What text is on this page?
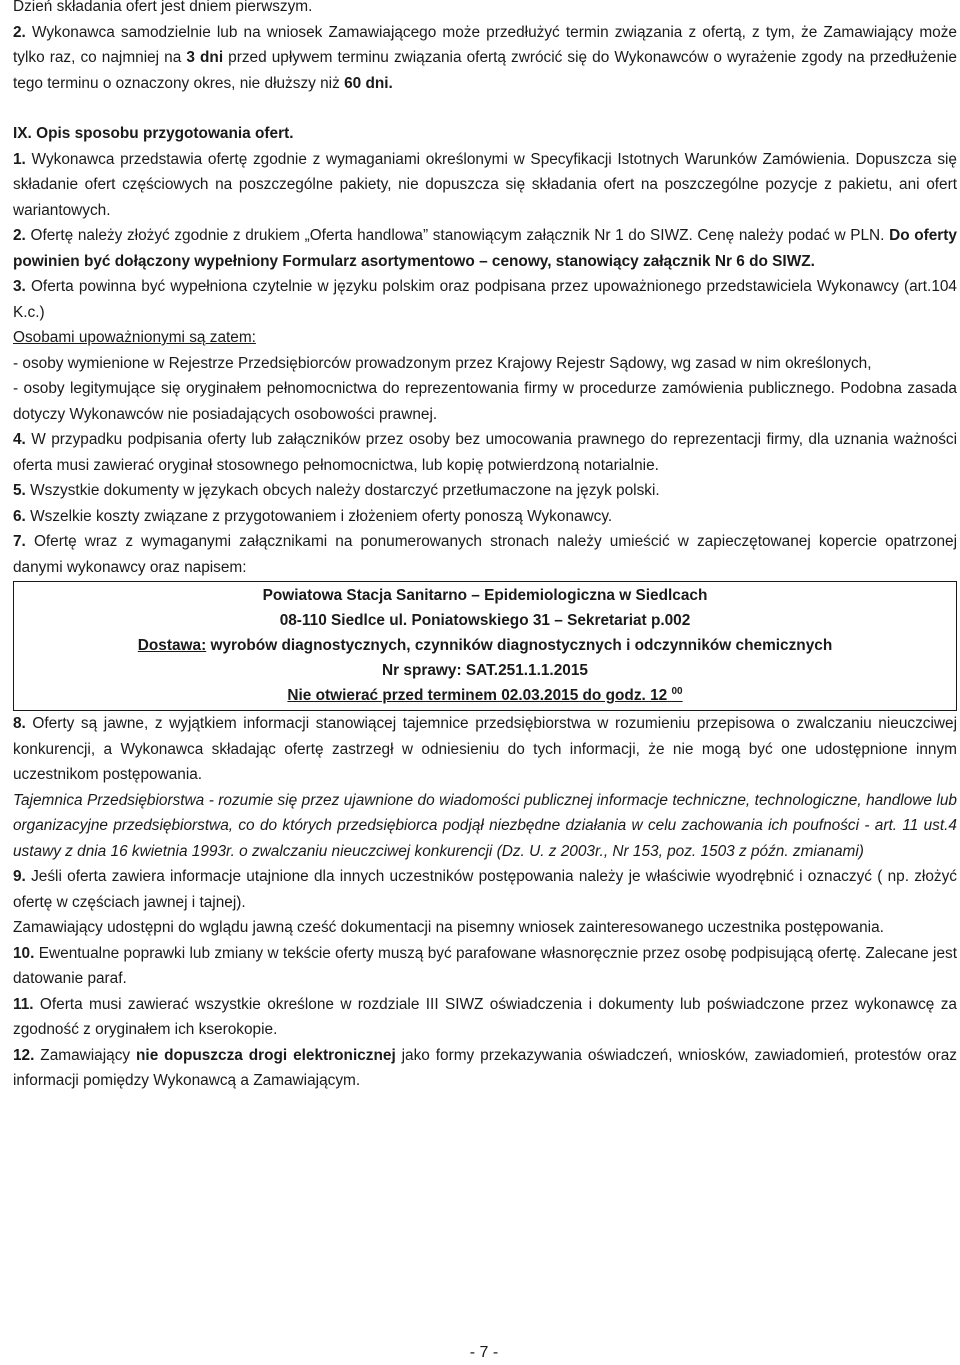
Dzień składania ofert jest dniem pierwszym.

2. Wykonawca samodzielnie lub na wniosek Zamawiającego może przedłużyć termin związania z ofertą, z tym, że Zamawiający może tylko raz, co najmniej na 3 dni przed upływem terminu związania ofertą zwrócić się do Wykonawców o wyrażenie zgody na przedłużenie tego terminu o oznaczony okres, nie dłuższy niż 60 dni.

IX. Opis sposobu przygotowania ofert.

1. Wykonawca przedstawia ofertę zgodnie z wymaganiami określonymi w Specyfikacji Istotnych Warunków Zamówienia. Dopuszcza się składanie ofert częściowych na poszczególne pakiety, nie dopuszcza się składania ofert na poszczególne pozycje z pakietu, ani ofert wariantowych.

2. Ofertę należy złożyć zgodnie z drukiem „Oferta handlowa” stanowiącym załącznik Nr 1 do SIWZ. Cenę należy podać w PLN. Do oferty powinien być dołączony wypełniony Formularz asortymentowo – cenowy, stanowiący załącznik Nr 6 do SIWZ.

3. Oferta powinna być wypełniona czytelnie w języku polskim oraz podpisana przez upoważnionego przedstawiciela Wykonawcy (art.104 K.c.)

Osobami upoważnionymi są zatem:

- osoby wymienione w Rejestrze Przedsiębiorców prowadzonym przez Krajowy Rejestr Sądowy, wg zasad w nim określonych,

- osoby legitymujące się oryginałem pełnomocnictwa do reprezentowania firmy w procedurze zamówienia publicznego. Podobna zasada dotyczy Wykonawców nie posiadających osobowości prawnej.

4. W przypadku podpisania oferty lub załączników przez osoby bez umocowania prawnego do reprezentacji firmy, dla uznania ważności oferta musi zawierać oryginał stosownego pełnomocnictwa, lub kopię potwierdzoną notarialnie.

5. Wszystkie dokumenty w językach obcych należy dostarczyć przetłumaczone na język polski.

6. Wszelkie koszty związane z przygotowaniem i złożeniem oferty ponoszą Wykonawcy.

7. Ofertę wraz z wymaganymi załącznikami na ponumerowanych stronach należy umieścić w zapieczętowanej kopercie opatrzonej danymi wykonawcy oraz napisem:

Powiatowa Stacja Sanitarno – Epidemiologiczna w Siedlcach
08-110 Siedlce ul. Poniatowskiego 31 – Sekretariat p.002
Dostawa: wyrobów diagnostycznych, czynników diagnostycznych i odczynników chemicznych
Nr sprawy: SAT.251.1.1.2015
Nie otwierać przed terminem 02.03.2015 do godz. 12 $^{00}$

8. Oferty są jawne, z wyjątkiem informacji stanowiącej tajemnice przedsiębiorstwa w rozumieniu przepisowa o zwalczaniu nieuczciwej konkurencji, a Wykonawca składając ofertę zastrzegł w odniesieniu do tych informacji, że nie mogą być one udostępnione innym uczestnikom postępowania.

Tajemnica Przedsiębiorstwa - rozumie się przez ujawnione do wiadomości publicznej informacje techniczne, technologiczne, handlowe lub organizacyjne przedsiębiorstwa, co do których przedsiębiorca podjął niezbędne działania w celu zachowania ich poufności - art. 11 ust.4 ustawy z dnia 16 kwietnia 1993r. o zwalczaniu nieuczciwej konkurencji (Dz. U. z 2003r., Nr 153, poz. 1503 z późn. zmianami)

9. Jeśli oferta zawiera informacje utajnione dla innych uczestników postępowania należy je właściwie wyodrębnić i oznaczyć ( np. złożyć ofertę w częściach jawnej i tajnej).

Zamawiający udostępni do wglądu jawną cześć dokumentacji na pisemny wniosek zainteresowanego uczestnika postępowania.

10. Ewentualne poprawki lub zmiany w tekście oferty muszą być parafowane własnoręcznie przez osobę podpisującą ofertę. Zalecane jest datowanie paraf.

11. Oferta musi zawierać wszystkie określone w rozdziale III SIWZ oświadczenia i dokumenty lub poświadczone przez wykonawcę za zgodność z oryginałem ich kserokopie.

12. Zamawiający nie dopuszcza drogi elektronicznej jako formy przekazywania oświadczeń, wniosków, zawiadomień, protestów oraz informacji pomiędzy Wykonawcą a Zamawiającym.

- 7 -
